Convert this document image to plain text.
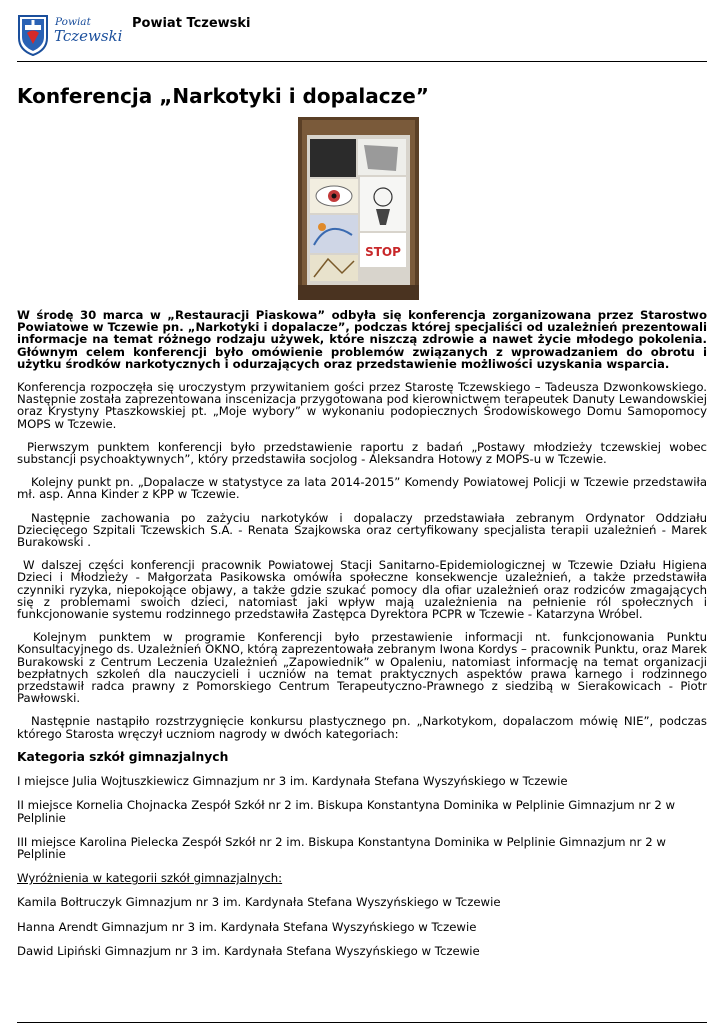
Powiat
Tczewski
Powiat Tczewski
Konferencja „Narkotyki i dopalacze”
STOP

W środę 30 marca w „Restauracji Piaskowa” odbyła się konferencja zorganizowana przez Starostwo Powiatowe w Tczewie pn. „Narkotyki i dopalacze”, podczas której specjaliści od uzależnień prezentowali informacje na temat różnego rodzaju używek, które niszczą zdrowie a nawet życie młodego pokolenia. Głównym celem konferencji było omówienie problemów związanych z wprowadzaniem do obrotu i użytku środków narkotycznych i odurzających oraz przedstawienie możliwości uzyskania wsparcia.

Konferencja rozpoczęła się uroczystym przywitaniem gości przez Starostę Tczewskiego – Tadeusza Dzwonkowskiego. Następnie została zaprezentowana inscenizacja przygotowana pod kierownictwem terapeutek Danuty Lewandowskiej oraz Krystyny Ptaszkowskiej pt. „Moje wybory” w wykonaniu podopiecznych Środowiskowego Domu Samopomocy MOPS w Tczewie.

Pierwszym punktem konferencji było przedstawienie raportu z badań „Postawy młodzieży tczewskiej wobec substancji psychoaktywnych”, który przedstawiła socjolog - Aleksandra Hotowy z MOPS-u w Tczewie.

Kolejny punkt pn. „Dopalacze w statystyce za lata 2014-2015” Komendy Powiatowej Policji w Tczewie przedstawiła mł. asp. Anna Kinder z KPP w Tczewie.

Następnie zachowania po zażyciu narkotyków i dopalaczy przedstawiała zebranym Ordynator Oddziału Dziecięcego Szpitali Tczewskich S.A. - Renata Szajkowska oraz certyfikowany specjalista terapii uzależnień - Marek Burakowski .

W dalszej części konferencji pracownik Powiatowej Stacji Sanitarno-Epidemiologicznej w Tczewie Działu Higiena Dzieci i Młodzieży - Małgorzata Pasikowska omówiła społeczne konsekwencje uzależnień, a także przedstawiła czynniki ryzyka, niepokojące objawy, a także gdzie szukać pomocy dla ofiar uzależnień oraz rodziców zmagających się z problemami swoich dzieci, natomiast jaki wpływ mają uzależnienia na pełnienie ról społecznych i funkcjonowanie systemu rodzinnego przedstawiła Zastępca Dyrektora PCPR w Tczewie - Katarzyna Wróbel.

Kolejnym punktem w programie Konferencji było przestawienie informacji nt. funkcjonowania Punktu Konsultacyjnego ds. Uzależnień OKNO, którą zaprezentowała zebranym Iwona Kordys – pracownik Punktu, oraz Marek Burakowski z Centrum Leczenia Uzależnień „Zapowiednik” w Opaleniu, natomiast informację na temat organizacji bezpłatnych szkoleń dla nauczycieli i uczniów na temat praktycznych aspektów prawa karnego i rodzinnego przedstawił radca prawny z Pomorskiego Centrum Terapeutyczno-Prawnego z siedzibą w Sierakowicach - Piotr Pawłowski.

Następnie nastąpiło rozstrzygnięcie konkursu plastycznego pn. „Narkotykom, dopalaczom mówię NIE”, podczas którego Starosta wręczył uczniom nagrody w dwóch kategoriach:

Kategoria szkół gimnazjalnych

I miejsce Julia Wojtuszkiewicz Gimnazjum nr 3 im. Kardynała Stefana Wyszyńskiego w Tczewie

II miejsce Kornelia Chojnacka Zespół Szkół nr 2 im. Biskupa Konstantyna Dominika w Pelplinie Gimnazjum nr 2 w Pelplinie

III miejsce Karolina Pielecka Zespół Szkół nr 2 im. Biskupa Konstantyna Dominika w Pelplinie Gimnazjum nr 2 w Pelplinie

Wyróżnienia w kategorii szkół gimnazjalnych:

Kamila Bołtruczyk Gimnazjum nr 3 im. Kardynała Stefana Wyszyńskiego w Tczewie

Hanna Arendt Gimnazjum nr 3 im. Kardynała Stefana Wyszyńskiego w Tczewie

Dawid Lipiński Gimnazjum nr 3 im. Kardynała Stefana Wyszyńskiego w Tczewie
